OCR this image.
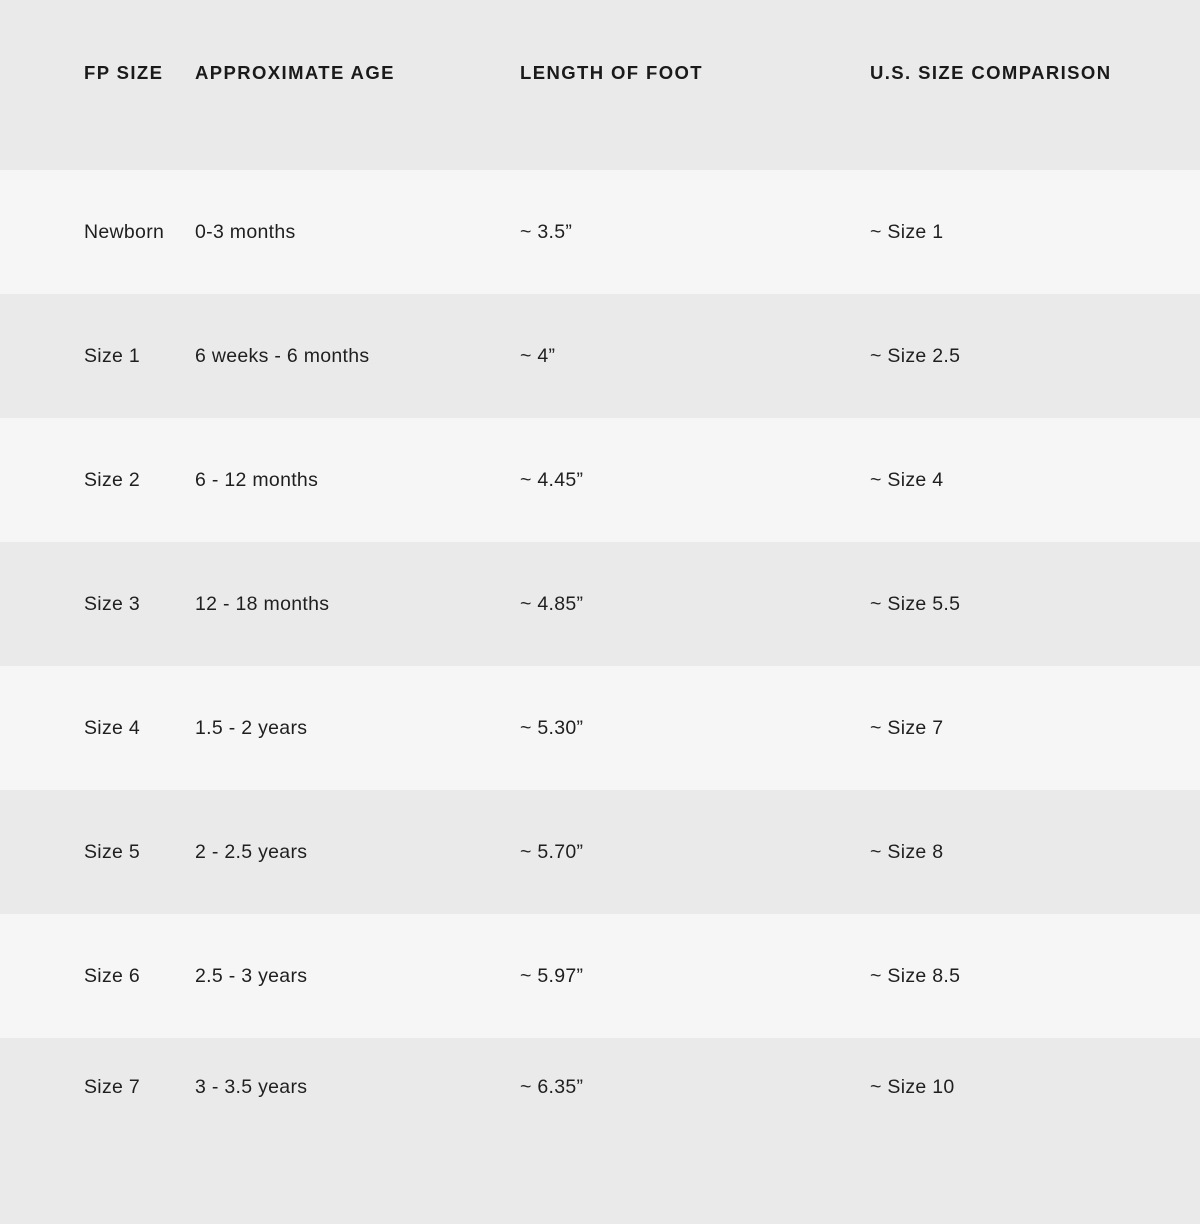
FP SIZE	APPROXIMATE AGE	LENGTH OF FOOT	U.S. SIZE COMPARISON
Newborn	0-3 months	~ 3.5”	~ Size 1
Size 1	6 weeks - 6 months	~ 4”	~ Size 2.5
Size 2	6 - 12 months	~ 4.45”	~ Size 4
Size 3	12 - 18 months	~ 4.85”	~ Size 5.5
Size 4	1.5 - 2 years	~ 5.30”	~ Size 7
Size 5	2 - 2.5 years	~ 5.70”	~ Size 8
Size 6	2.5 - 3 years	~ 5.97”	~ Size 8.5
Size 7	3 - 3.5 years	~ 6.35”	~ Size 10
